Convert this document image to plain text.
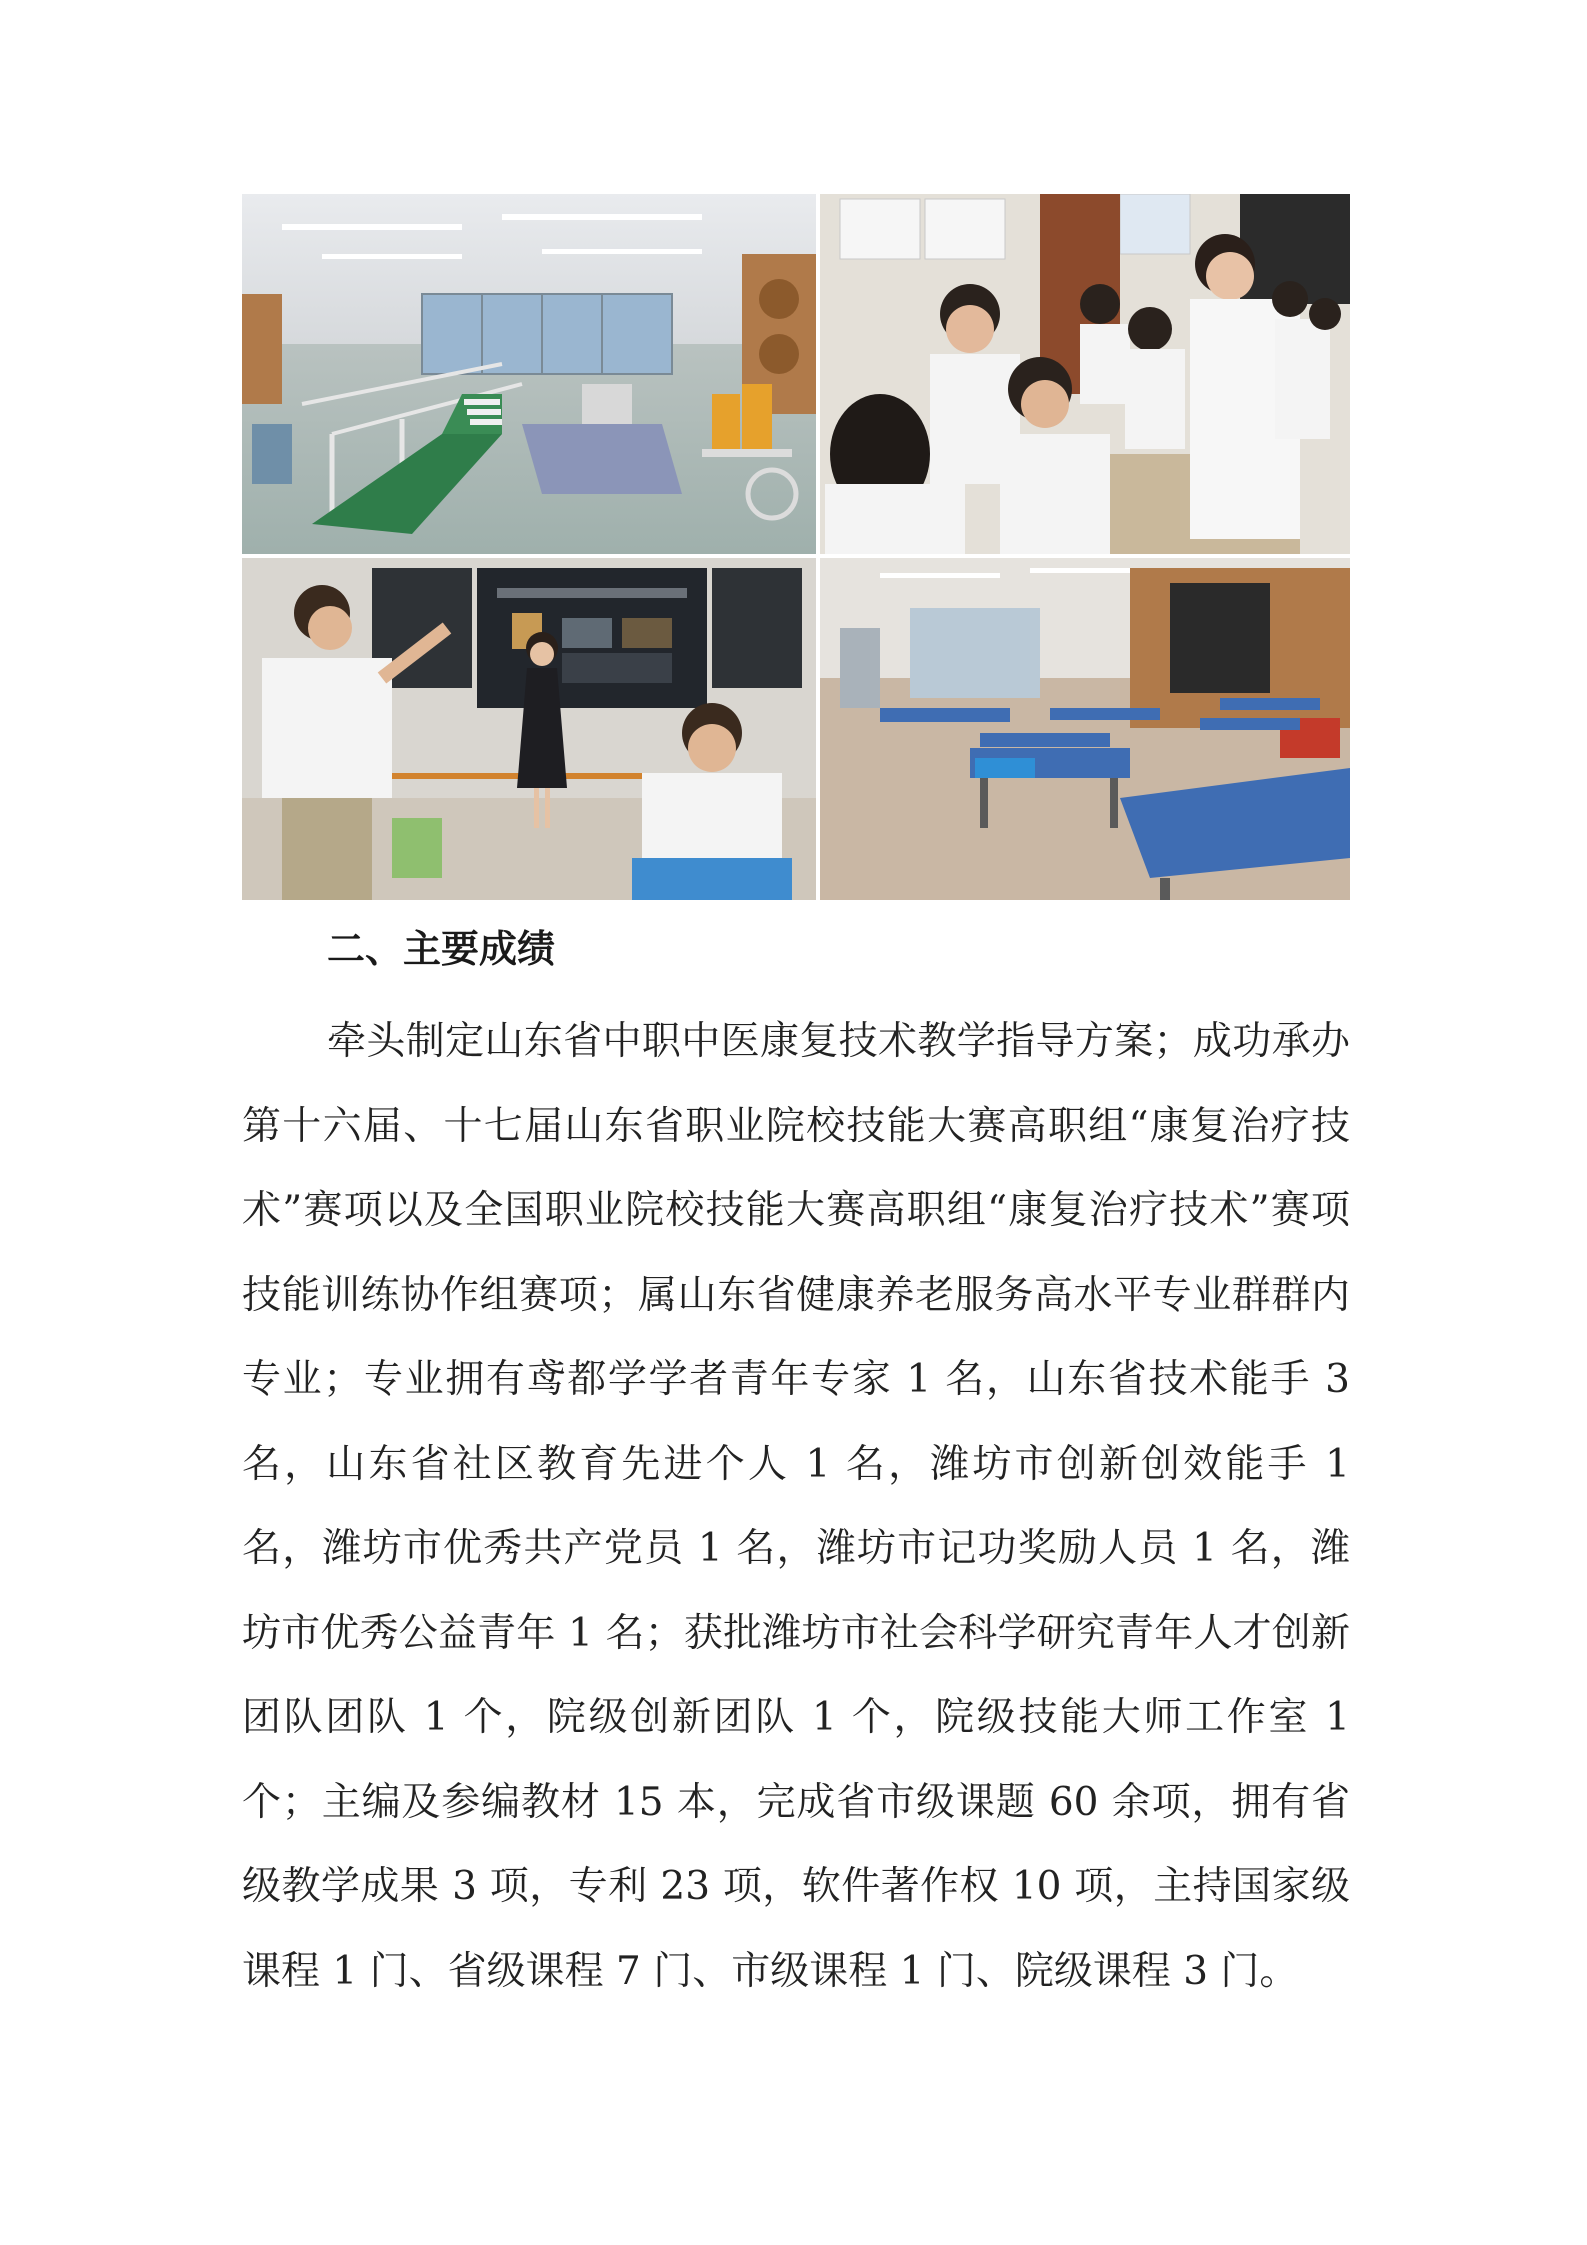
二、主要成绩

牵头制定山东省中职中医康复技术教学指导方案；成功承办第十六届、十七届山东省职业院校技能大赛高职组“康复治疗技术”赛项以及全国职业院校技能大赛高职组“康复治疗技术”赛项技能训练协作组赛项；属山东省健康养老服务高水平专业群群内专业；专业拥有鸢都学学者青年专家 1 名，山东省技术能手 3 名，山东省社区教育先进个人 1 名，潍坊市创新创效能手 1 名，潍坊市优秀共产党员 1 名，潍坊市记功奖励人员 1 名，潍坊市优秀公益青年 1 名；获批潍坊市社会科学研究青年人才创新团队团队 1 个，院级创新团队 1 个，院级技能大师工作室 1 个；主编及参编教材 15 本，完成省市级课题 60 余项，拥有省级教学成果 3 项，专利 23 项，软件著作权 10 项，主持国家级课程 1 门、省级课程 7 门、市级课程 1 门、院级课程 3 门。
